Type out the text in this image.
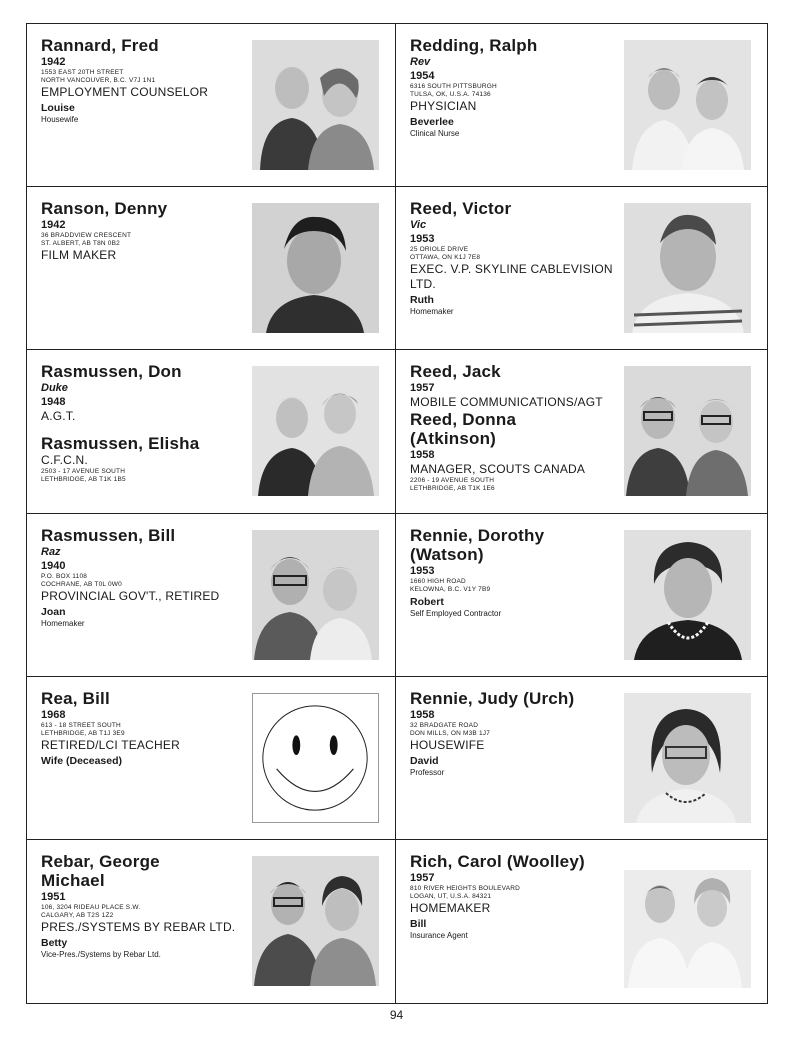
Rannard, Fred
1942
1553 EAST 20TH STREET
NORTH VANCOUVER, B.C. V7J 1N1
EMPLOYMENT COUNSELOR
Louise
Housewife
Redding, Ralph
Rev
1954
6316 SOUTH PITTSBURGH
TULSA, OK, U.S.A. 74136
PHYSICIAN
Beverlee
Clinical Nurse
Ranson, Denny
1942
36 BRADDVIEW CRESCENT
ST. ALBERT, AB T8N 0B2
FILM MAKER
Reed, Victor
Vic
1953
25 ORIOLE DRIVE
OTTAWA, ON K1J 7E8
EXEC. V.P. SKYLINE CABLEVISION LTD.
Ruth
Homemaker
Rasmussen, Don
Duke
1948
A.G.T.
Rasmussen, Elisha
C.F.C.N.
2503 - 17 AVENUE SOUTH
LETHBRIDGE, AB T1K 1B5
Reed, Jack
1957
MOBILE COMMUNICATIONS/AGT
Reed, Donna (Atkinson)
1958
MANAGER, SCOUTS CANADA
2206 - 19 AVENUE SOUTH
LETHBRIDGE, AB T1K 1E6
Rasmussen, Bill
Raz
1940
P.O. BOX 1108
COCHRANE, AB T0L 0W0
PROVINCIAL GOV'T., RETIRED
Joan
Homemaker
Rennie, Dorothy (Watson)
1953
1660 HIGH ROAD
KELOWNA, B.C. V1Y 7B9
Robert
Self Employed Contractor
Rea, Bill
1968
613 - 18 STREET SOUTH
LETHBRIDGE, AB T1J 3E9
RETIRED/LCI TEACHER
Wife (Deceased)
Rennie, Judy (Urch)
1958
32 BRADGATE ROAD
DON MILLS, ON M3B 1J7
HOUSEWIFE
David
Professor
Rebar, George Michael
1951
106, 3204 RIDEAU PLACE S.W.
CALGARY, AB T2S 1Z2
PRES./SYSTEMS BY REBAR LTD.
Betty
Vice-Pres./Systems by Rebar Ltd.
Rich, Carol (Woolley)
1957
810 RIVER HEIGHTS BOULEVARD
LOGAN, UT, U.S.A. 84321
HOMEMAKER
Bill
Insurance Agent
94
